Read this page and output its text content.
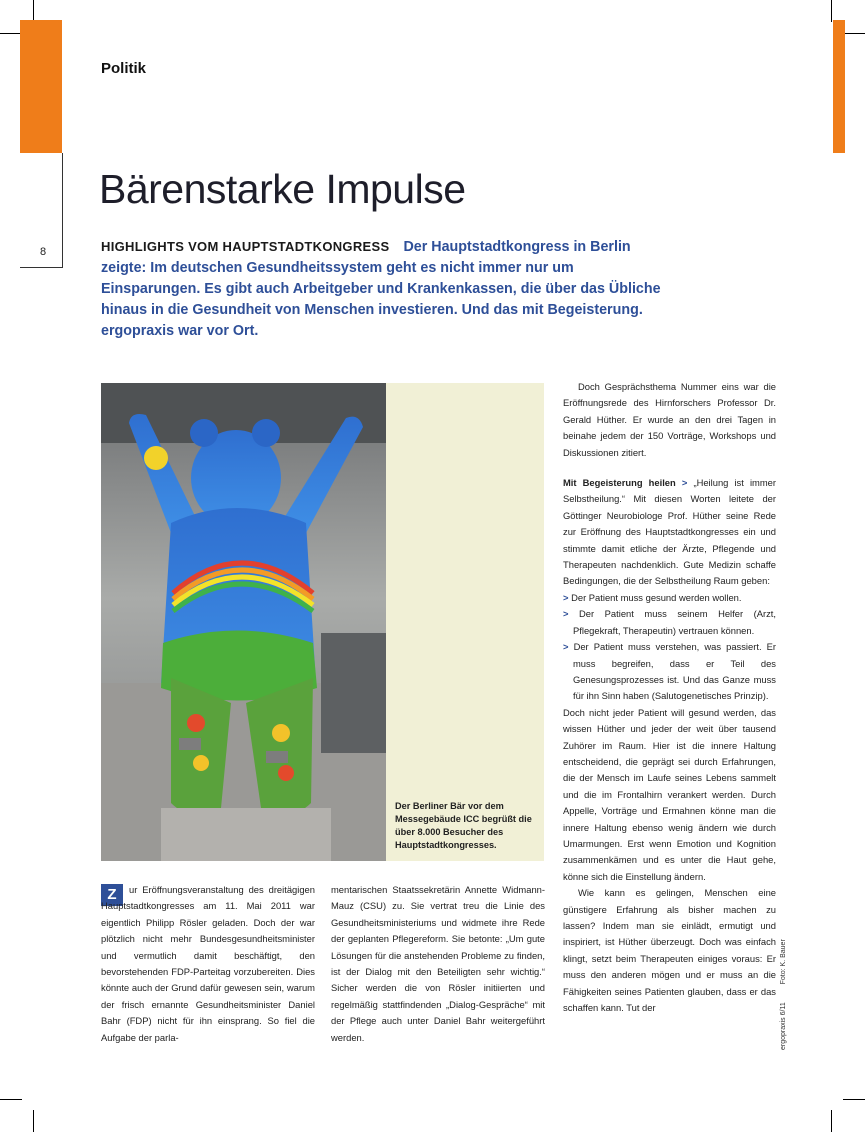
8
Politik
Bärenstarke Impulse
HIGHLIGHTS VOM HAUPTSTADTKONGRESS Der Hauptstadtkongress in Berlin zeigte: Im deutschen Gesundheitssystem geht es nicht immer nur um Einsparungen. Es gibt auch Arbeitgeber und Krankenkassen, die über das Übliche hinaus in die Gesundheit von Menschen investieren. Und das mit Begeisterung. ergopraxis war vor Ort.
Der Berliner Bär vor dem Messegebäude ICC begrüßt die über 8.000 Besucher des Hauptstadtkongresses.
Z	ur Eröffnungsveranstaltung des dreitägigen Hauptstadtkongresses am 11. Mai 2011 war eigentlich Philipp Rösler geladen. Doch der war plötzlich nicht mehr Bundesgesundheitsminister und vermutlich damit beschäftigt, den bevorstehenden FDP-Parteitag vorzubereiten. Dies könnte auch der Grund dafür gewesen sein, warum der frisch ernannte Gesundheitsminister Daniel Bahr (FDP) nicht für ihn einsprang. So fiel die Aufgabe der parla-

mentarischen Staatssekretärin Annette Widmann-Mauz (CSU) zu. Sie vertrat treu die Linie des Gesundheitsministeriums und widmete ihre Rede der geplanten Pflegereform. Sie betonte: „Um gute Lösungen für die anstehenden Probleme zu finden, ist der Dialog mit den Beteiligten sehr wichtig.“ Sicher werden die von Rösler initiierten und regelmäßig stattfindenden „Dialog-Gespräche“ mit der Pflege auch unter Daniel Bahr weitergeführt werden.

Doch Gesprächsthema Nummer eins war die Eröffnungsrede des Hirnforschers Professor Dr. Gerald Hüther. Er wurde an den drei Tagen in beinahe jedem der 150 Vorträge, Workshops und Diskussionen zitiert.

Mit Begeisterung heilen > „Heilung ist immer Selbstheilung.“ Mit diesen Worten leitete der Göttinger Neurobiologe Prof. Hüther seine Rede zur Eröffnung des Hauptstadtkongresses ein und stimmte damit etliche der Ärzte, Pflegende und Therapeuten nachdenklich. Gute Medizin schaffe Bedingungen, die der Selbstheilung Raum geben:

> Der Patient muss gesund werden wollen.

> Der Patient muss seinem Helfer (Arzt, Pflegekraft, Therapeutin) vertrauen können.

> Der Patient muss verstehen, was passiert. Er muss begreifen, dass er Teil des Genesungsprozesses ist. Und das Ganze muss für ihn Sinn haben (Salutogenetisches Prinzip).

Doch nicht jeder Patient will gesund werden, das wissen Hüther und jeder der weit über tausend Zuhörer im Raum. Hier ist die innere Haltung entscheidend, die geprägt sei durch Erfahrungen, die der Mensch im Laufe seines Lebens sammelt und die im Frontalhirn verankert werden. Durch Appelle, Vorträge und Ermahnen könne man die innere Haltung ebenso wenig ändern wie durch Umarmungen. Erst wenn Emotion und Kognition zusammenkämen und es unter die Haut gehe, könne sich die Einstellung ändern.

Wie kann es gelingen, Menschen eine günstigere Erfahrung als bisher machen zu lassen? Indem man sie einlädt, ermutigt und inspiriert, ist Hüther überzeugt. Doch was einfach klingt, setzt beim Therapeuten einiges voraus: Er muss den anderen mögen und er muss an die Fähigkeiten seines Patienten glauben, dass er das schaffen kann. Tut der	ergopraxis 6/11  Foto: K. Bauer
